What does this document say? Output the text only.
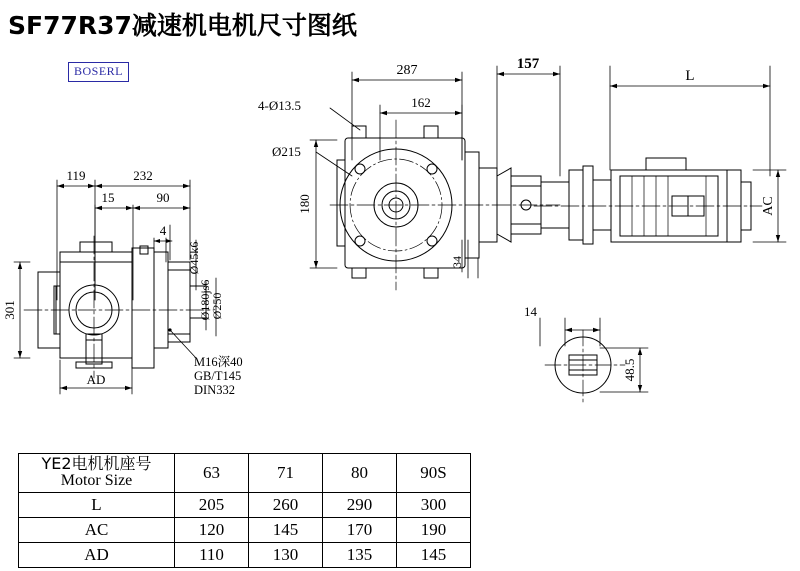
SF77R37减速机电机尺寸图纸
BOSERL
119	232
15	90
4
301
AD
Ø45k6
Ø180js6
Ø250
M16深40
GB/T145
DIN332
287
162
4-Ø13.5
Ø215
180
34
157
L
AC
14
48.5
YE2电机机座号
Motor Size	63	71	80	90S
L	205	260	290	300
AC	120	145	170	190
AD	110	130	135	145
